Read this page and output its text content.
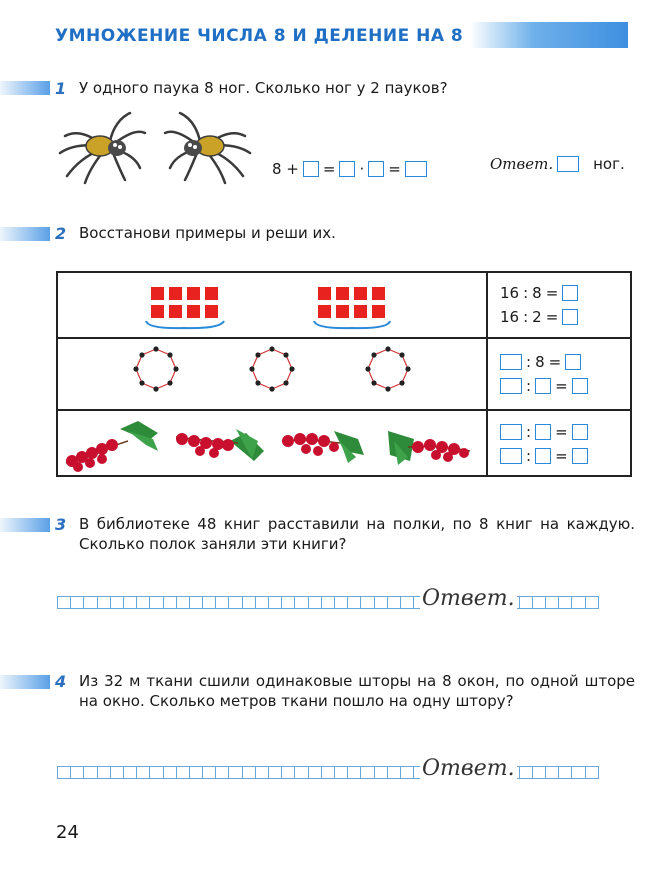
УМНОЖЕНИЕ ЧИСЛА 8 И ДЕЛЕНИЕ НА 8
1 У одного паука 8 ног. Сколько ног у 2 пауков?
8 + = · =	Ответ.	ног.
2 Восстанови примеры и реши их.
16 : 8 =
16 : 2 =
: 8 =
: =
: =
: =
3 В библиотеке 48 книг расставили на полки, по 8 книг на каждую. Сколько полок заняли эти книги?
Ответ.
4 Из 32 м ткани сшили одинаковые шторы на 8 окон, по одной шторе на окно. Сколько метров ткани пошло на одну штору?
Ответ.
24
